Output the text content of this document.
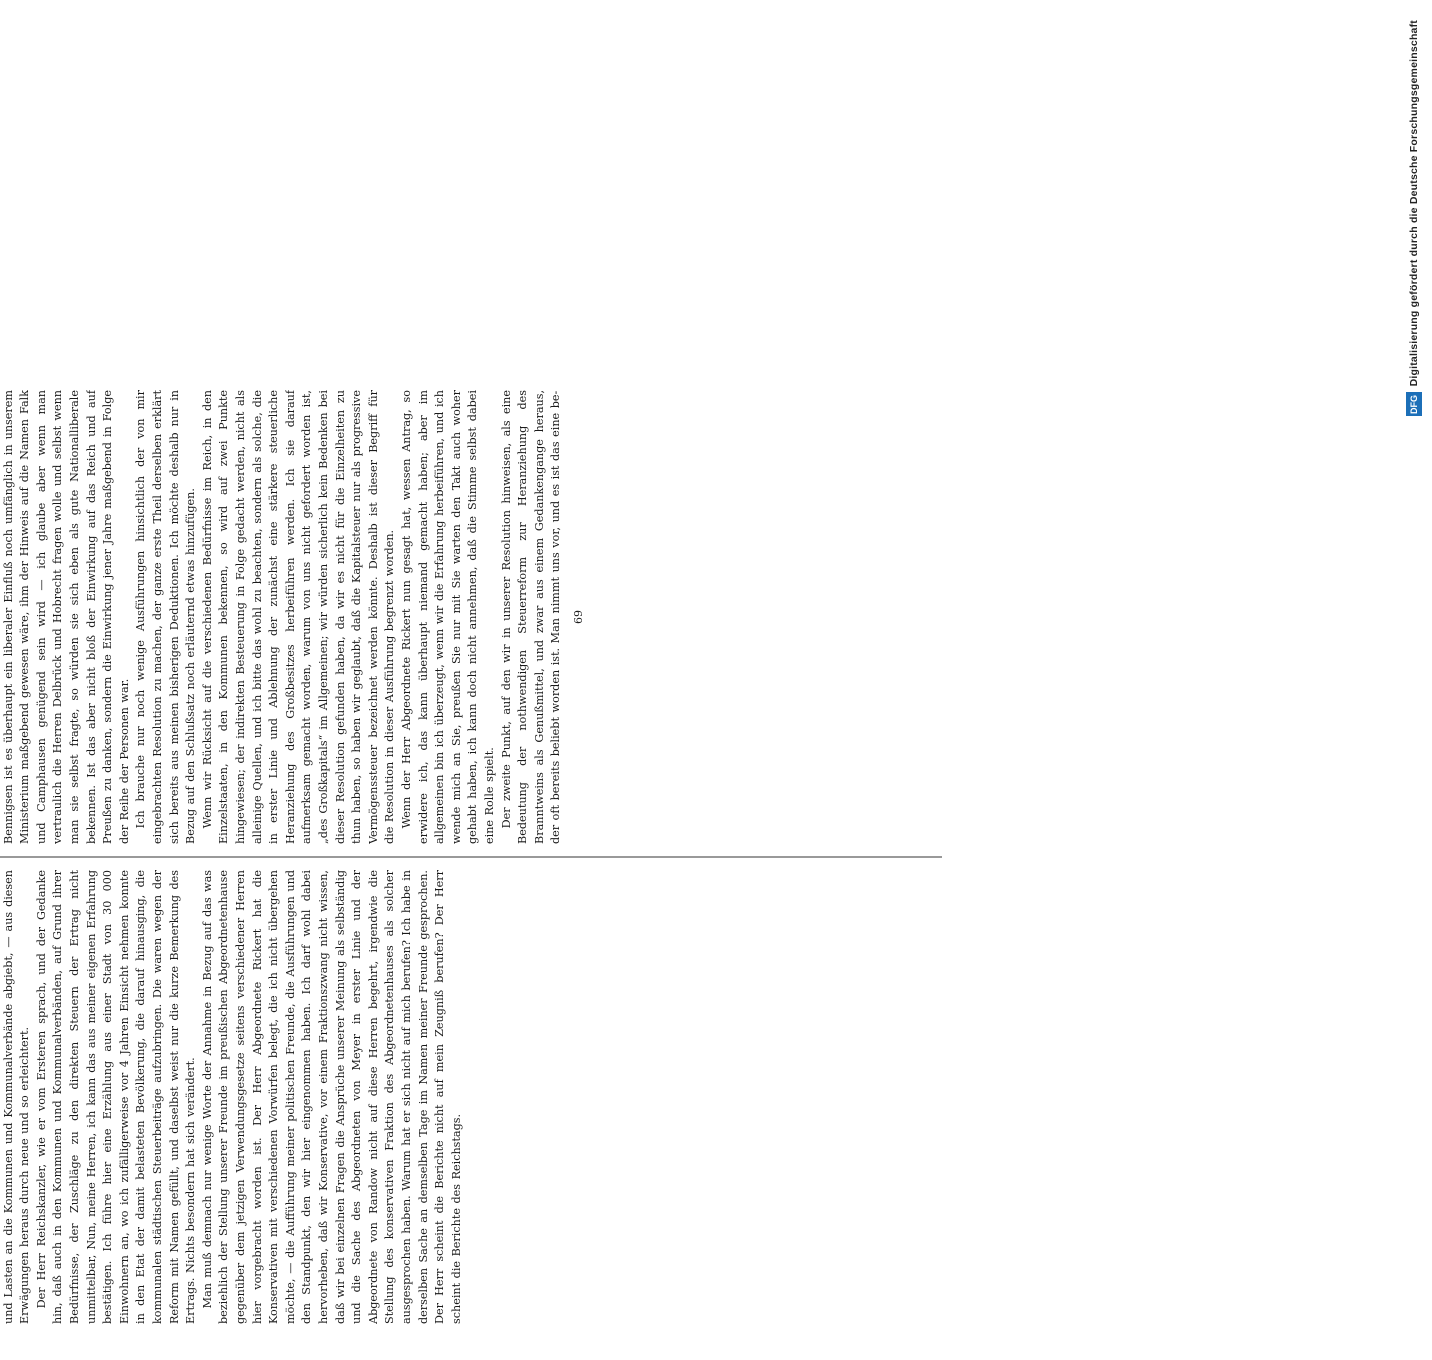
und Lasten an die Kommunen und Kommunalverbände abgiebt, — aus diesen Erwägungen heraus durch neue und so erleichtert. Der Herr Reichskanzler, wie er vom Ersteren sprach, und der Gedanke hin, daß auch in den Kommunen und Kommunalverbänden, auf Grund ihrer Bedürfnisse, der Zuschläge zu den direkten Steuern der Ertrag nicht unmittelbar, Nun, meine Herren, ich kann das aus meiner eigenen Erfahrung bestätigen. Ich führe hier eine Erzählung aus einer Stadt von 30 000 Einwohnern an, wo ich zufälligerweise vor 4 Jahren Einsicht nehmen konnte in den Etat der damit belasteten Bevölkerung, die darauf hinausging, die kommunalen städtischen Steuerbeiträge aufzubringen. Die waren wegen der Reform mit Namen gefüllt, und daselbst weist nur die kurze Bemerkung des Ertrags. Nichts besondern hat sich verändert. Man muß demnach nur wenige Worte der Annahme in Bezug auf das was beziehlich der Stellung unserer Freunde im preußischen Abgeordnetenhause gegenüber dem jetzigen Verwendungsgesetze seitens verschiedener Herren hier vorgebracht worden ist. Der Herr Abgeordnete Rickert hat die Konservativen mit verschiedenen Vorwürfen belegt, die ich nicht übergehen möchte, — die Aufführung meiner politischen Freunde, die Ausführungen und den Standpunkt, den wir hier eingenommen haben. Ich darf wohl dabei hervorheben, daß wir Konservative, vor einem Fraktionszwang nicht wissen, daß wir bei einzelnen Fragen die Ansprüche unserer Meinung als selbständig und die Sache des Abgeordneten von Meyer in erster Linie und der Abgeordnete von Randow nicht auf diese Herren begehrt, irgendwie die Stellung des konservativen Fraktion des Abgeordnetenhauses als solcher ausgesprochen haben. Warum hat er sich nicht auf mich berufen? Ich habe in derselben Sache an demselben Tage im Namen meiner Freunde gesprochen. Der Herr scheint die Berichte nicht auf mein Zeugniß berufen? Der Herr scheint die Berichte des Reichstags.

Bennigsen ist es überhaupt ein liberaler Einfluß noch umfänglich in unserem Ministerium maßgebend gewesen wäre, ihm der Hinweis auf die Namen Falk und Camphausen genügend sein wird — ich glaube aber wenn man vertraulich die Herren Delbrück und Hobrecht fragen wolle und selbst wenn man sie selbst fragte, so würden sie sich eben als gute Nationalliberale bekennen. Ist das aber nicht bloß der Einwirkung auf das Reich und auf Preußen zu danken, sondern die Einwirkung jener Jahre maßgebend in Folge der Reihe der Personen war. Ich brauche nur noch wenige Ausführungen hinsichtlich der von mir eingebrachten Resolution zu machen, der ganze erste Theil derselben erklärt sich bereits aus meinen bisherigen Deduktionen. Ich möchte deshalb nur in Bezug auf den Schlußsatz noch erläuternd etwas hinzufügen. Wenn wir Rücksicht auf die verschiedenen Bedürfnisse im Reich, in den Einzelstaaten, in den Kommunen bekennen, so wird auf zwei Punkte hingewiesen; der indirekten Besteuerung in Folge gedacht werden, nicht als alleinige Quellen, und ich bitte das wohl zu beachten, sondern als solche, die in erster Linie und Ablehnung der zunächst eine stärkere steuerliche Heranziehung des Großbesitzes herbeiführen werden. Ich sie darauf aufmerksam gemacht worden, warum von uns nicht gefordert worden ist, „des Großkapitals“ im Allgemeinen; wir würden sicherlich kein Bedenken bei dieser Resolution gefunden haben, da wir es nicht für die Einzelheiten zu thun haben, so haben wir geglaubt, daß die Kapitalsteuer nur als progressive Vermögenssteuer bezeichnet werden könnte. Deshalb ist dieser Begriff für die Resolution in dieser Ausführung begrenzt worden. Wenn der Herr Abgeordnete Rickert nun gesagt hat, wessen Antrag, so erwidere ich, das kann überhaupt niemand gemacht haben; aber im allgemeinen bin ich überzeugt, wenn wir die Erfahrung herbeiführen, und ich wende mich an Sie, preußen Sie nur mit Sie warten den Takt auch woher gehabt haben, ich kann doch nicht annehmen, daß die Stimme selbst dabei eine Rolle spielt. Der zweite Punkt, auf den wir in unserer Resolution hinweisen, als eine Bedeutung der nothwendigen Steuerreform zur Heranziehung des Branntweins als Genußmittel, und zwar aus einem Gedankengange heraus, der oft bereits beliebt worden ist. Man nimmt uns vor, und es ist das eine be- 69
Digitalisierung gefördert durch die Deutsche Forschungsgemeinschaft
DFG
